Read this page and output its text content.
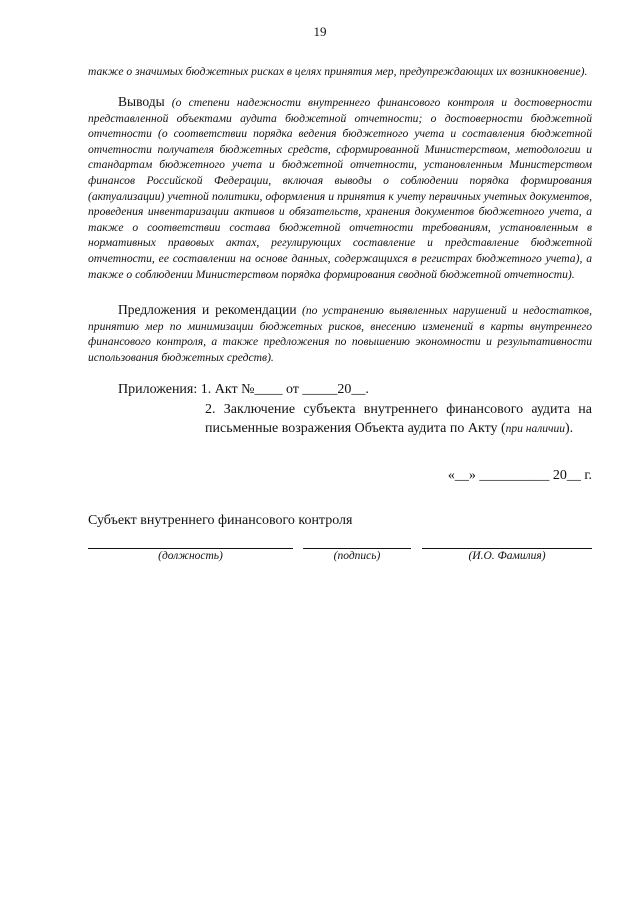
19
также о значимых бюджетных рисках в целях принятия мер, предупреждающих их возникновение).
Выводы (о степени надежности внутреннего финансового контроля и достоверности представленной объектами аудита бюджетной отчетности; о достоверности бюджетной отчетности (о соответствии порядка ведения бюджетного учета и составления бюджетной отчетности получателя бюджетных средств, сформированной Министерством, методологии и стандартам бюджетного учета и бюджетной отчетности, установленным Министерством финансов Российской Федерации, включая выводы о соблюдении порядка формирования (актуализации) учетной политики, оформления и принятия к учету первичных учетных документов, проведения инвентаризации активов и обязательств, хранения документов бюджетного учета, а также о соответствии состава бюджетной отчетности требованиям, установленным в нормативных правовых актах, регулирующих составление и представление бюджетной отчетности, ее составлении на основе данных, содержащихся в регистрах бюджетного учета), а также о соблюдении Министерством порядка формирования сводной бюджетной отчетности).
Предложения и рекомендации (по устранению выявленных нарушений и недостатков, принятию мер по минимизации бюджетных рисков, внесению изменений в карты внутреннего финансового контроля, а также предложения по повышению экономности и результативности использования бюджетных средств).
Приложения: 1. Акт №____ от _____20__.
2. Заключение субъекта внутреннего финансового аудита на письменные возражения Объекта аудита по Акту (при наличии).
«__» __________ 20__ г.
Субъект внутреннего финансового контроля
(должность)	(подпись)	(И.О. Фамилия)
